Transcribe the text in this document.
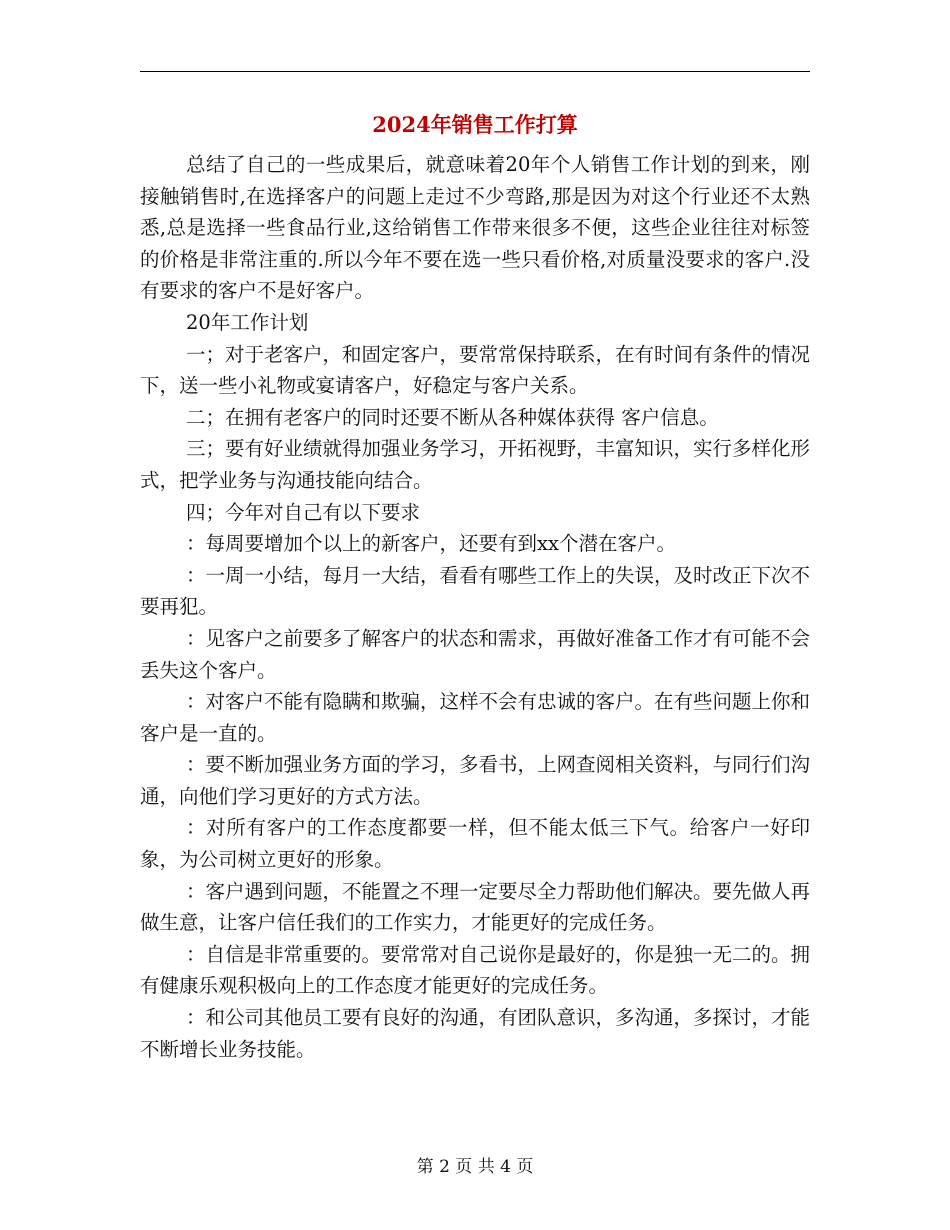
2024年销售工作打算

总结了自己的一些成果后，就意味着20年个人销售工作计划的到来，刚接触销售时,在选择客户的问题上走过不少弯路,那是因为对这个行业还不太熟悉,总是选择一些食品行业,这给销售工作带来很多不便，这些企业往往对标签的价格是非常注重的.所以今年不要在选一些只看价格,对质量没要求的客户.没有要求的客户不是好客户。

20年工作计划

一；对于老客户，和固定客户，要常常保持联系，在有时间有条件的情况下，送一些小礼物或宴请客户，好稳定与客户关系。

二；在拥有老客户的同时还要不断从各种媒体获得 客户信息。

三；要有好业绩就得加强业务学习，开拓视野，丰富知识，实行多样化形式，把学业务与沟通技能向结合。

四；今年对自己有以下要求

：每周要增加个以上的新客户，还要有到xx个潜在客户。

：一周一小结，每月一大结，看看有哪些工作上的失误，及时改正下次不要再犯。

：见客户之前要多了解客户的状态和需求，再做好准备工作才有可能不会丢失这个客户。

：对客户不能有隐瞒和欺骗，这样不会有忠诚的客户。在有些问题上你和客户是一直的。

：要不断加强业务方面的学习，多看书，上网查阅相关资料，与同行们沟通，向他们学习更好的方式方法。

：对所有客户的工作态度都要一样，但不能太低三下气。给客户一好印象，为公司树立更好的形象。

：客户遇到问题，不能置之不理一定要尽全力帮助他们解决。要先做人再做生意，让客户信任我们的工作实力，才能更好的完成任务。

：自信是非常重要的。要常常对自己说你是最好的，你是独一无二的。拥有健康乐观积极向上的工作态度才能更好的完成任务。

：和公司其他员工要有良好的沟通，有团队意识，多沟通，多探讨，才能不断增长业务技能。

第 2 页 共 4 页
